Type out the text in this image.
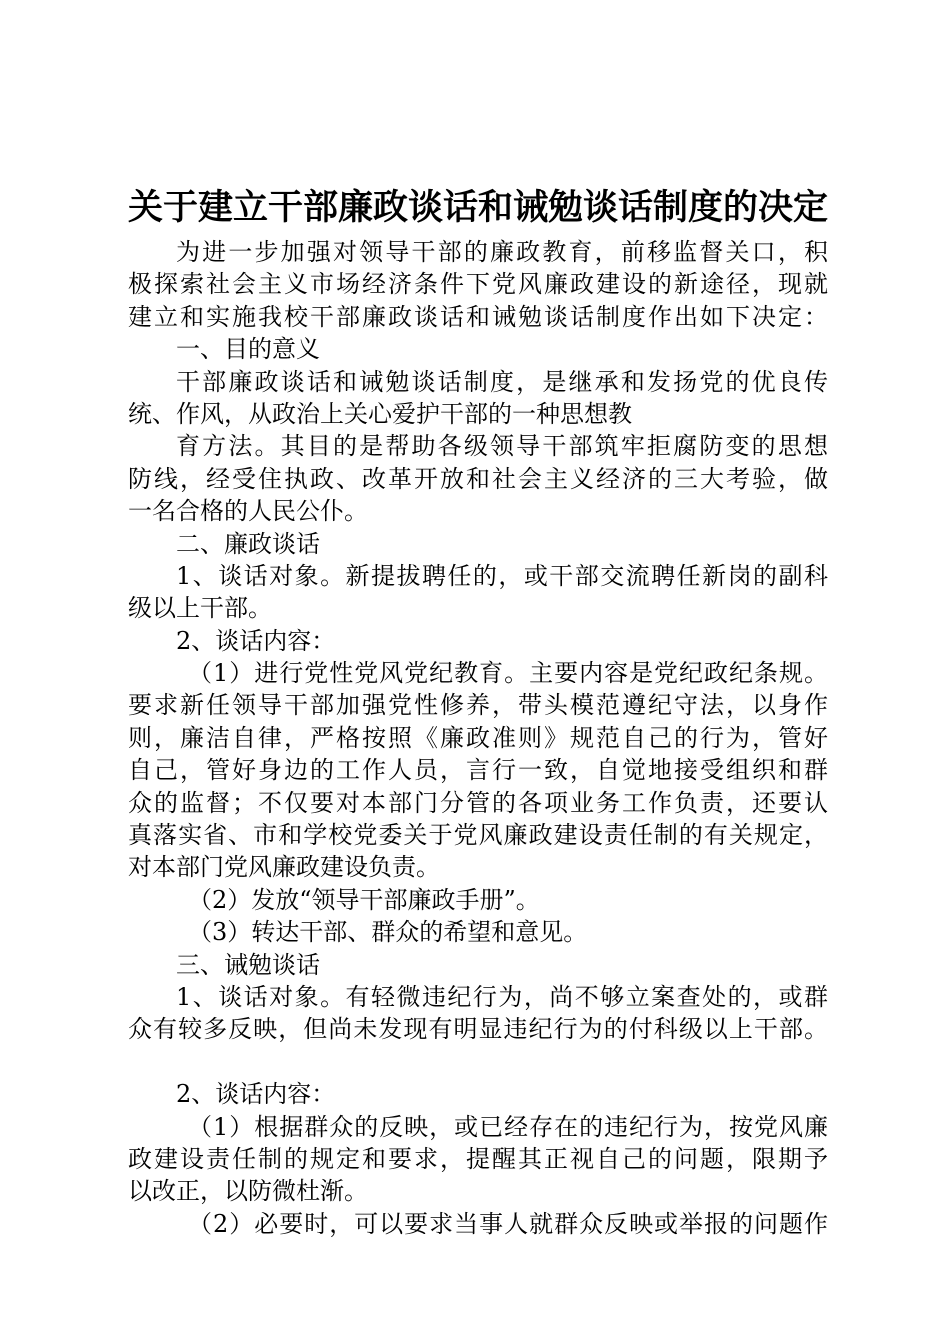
关于建立干部廉政谈话和诫勉谈话制度的决定
为进一步加强对领导干部的廉政教育，前移监督关口，积
极探索社会主义市场经济条件下党风廉政建设的新途径，现就
建立和实施我校干部廉政谈话和诫勉谈话制度作出如下决定：
一、目的意义
干部廉政谈话和诫勉谈话制度，是继承和发扬党的优良传
统、作风，从政治上关心爱护干部的一种思想教
育方法。其目的是帮助各级领导干部筑牢拒腐防变的思想
防线，经受住执政、改革开放和社会主义经济的三大考验，做
一名合格的人民公仆。
二、廉政谈话
1、谈话对象。新提拔聘任的，或干部交流聘任新岗的副科
级以上干部。
2、谈话内容：
（1）进行党性党风党纪教育。主要内容是党纪政纪条规。
要求新任领导干部加强党性修养，带头模范遵纪守法，以身作
则，廉洁自律，严格按照《廉政准则》规范自己的行为，管好
自己，管好身边的工作人员，言行一致，自觉地接受组织和群
众的监督；不仅要对本部门分管的各项业务工作负责，还要认
真落实省、市和学校党委关于党风廉政建设责任制的有关规定，
对本部门党风廉政建设负责。
（2）发放“领导干部廉政手册”。
（3）转达干部、群众的希望和意见。
三、诫勉谈话
1、谈话对象。有轻微违纪行为，尚不够立案查处的，或群
众有较多反映，但尚未发现有明显违纪行为的付科级以上干部。
2、谈话内容：
（1）根据群众的反映，或已经存在的违纪行为，按党风廉
政建设责任制的规定和要求，提醒其正视自己的问题，限期予
以改正，以防微杜渐。
（2）必要时，可以要求当事人就群众反映或举报的问题作
